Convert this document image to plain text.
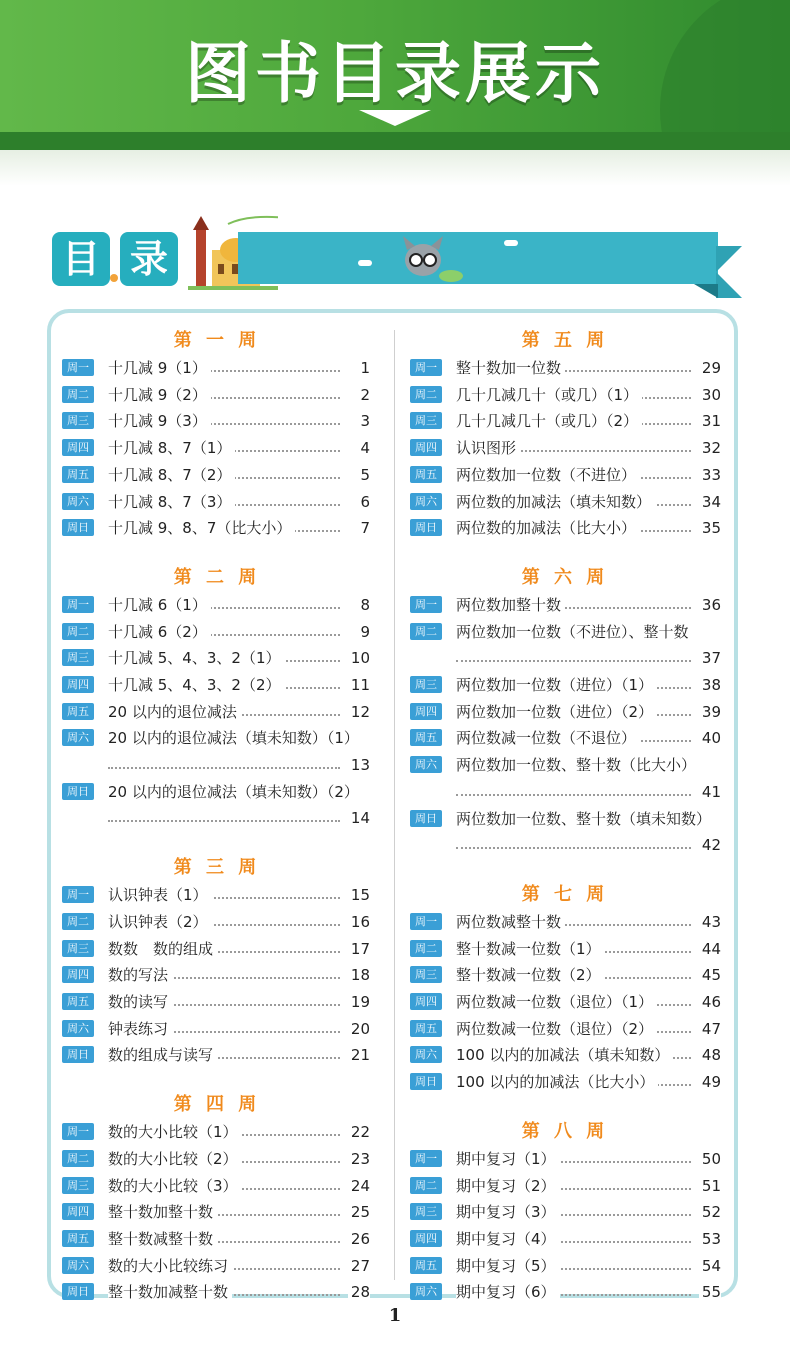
图书目录展示
目 录
第 一 周
周一	十几减 9（1）	1
周二	十几减 9（2）	2
周三	十几减 9（3）	3
周四	十几减 8、7（1）	4
周五	十几减 8、7（2）	5
周六	十几减 8、7（3）	6
周日	十几减 9、8、7（比大小）	7
第 二 周
周一	十几减 6（1）	8
周二	十几减 6（2）	9
周三	十几减 5、4、3、2（1）	10
周四	十几减 5、4、3、2（2）	11
周五	20 以内的退位减法	12
周六	20 以内的退位减法（填未知数）（1）
13
周日	20 以内的退位减法（填未知数）（2）
14
第 三 周
周一	认识钟表（1）	15
周二	认识钟表（2）	16
周三	数数　数的组成	17
周四	数的写法	18
周五	数的读写	19
周六	钟表练习	20
周日	数的组成与读写	21
第 四 周
周一	数的大小比较（1）	22
周二	数的大小比较（2）	23
周三	数的大小比较（3）	24
周四	整十数加整十数	25
周五	整十数减整十数	26
周六	数的大小比较练习	27
周日	整十数加减整十数	28
第 五 周
周一	整十数加一位数	29
周二	几十几减几十（或几）（1）	30
周三	几十几减几十（或几）（2）	31
周四	认识图形	32
周五	两位数加一位数（不进位）	33
周六	两位数的加减法（填未知数）	34
周日	两位数的加减法（比大小）	35
第 六 周
周一	两位数加整十数	36
周二	两位数加一位数（不进位）、整十数
37
周三	两位数加一位数（进位）（1）	38
周四	两位数加一位数（进位）（2）	39
周五	两位数减一位数（不退位）	40
周六	两位数加一位数、整十数（比大小）
41
周日	两位数加一位数、整十数（填未知数）
42
第 七 周
周一	两位数减整十数	43
周二	整十数减一位数（1）	44
周三	整十数减一位数（2）	45
周四	两位数减一位数（退位）（1）	46
周五	两位数减一位数（退位）（2）	47
周六	100 以内的加减法（填未知数） 48
周日	100 以内的加减法（比大小）	49
第 八 周
周一	期中复习（1）	50
周二	期中复习（2）	51
周三	期中复习（3）	52
周四	期中复习（4）	53
周五	期中复习（5）	54
周六	期中复习（6）	55
1
